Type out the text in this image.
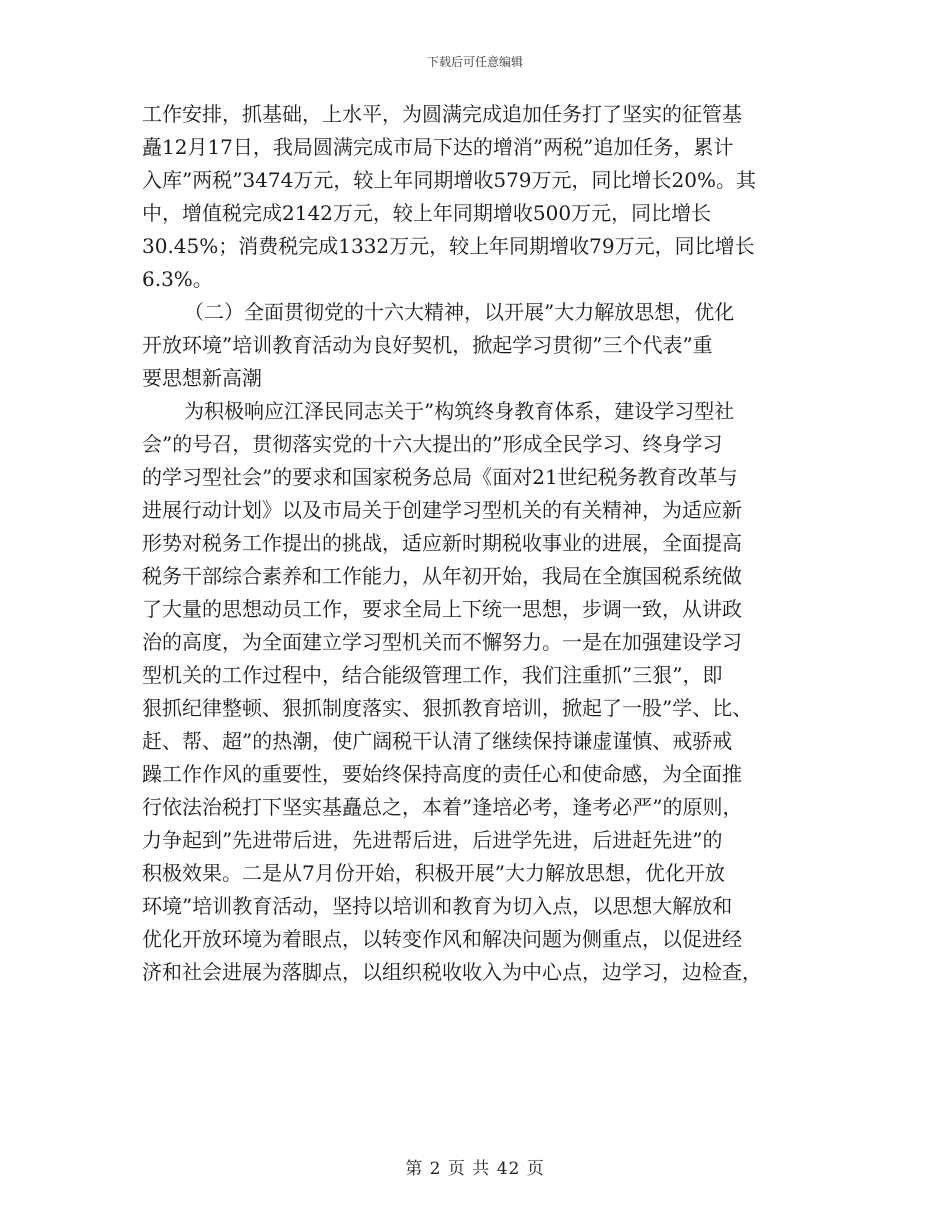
下载后可任意编辑
工作安排，抓基础，上水平，为圆满完成追加任务打了坚实的征管基
矗12月17日，我局圆满完成市局下达的增消”两税”追加任务，累计
入库”两税”3474万元，较上年同期增收579万元，同比增长20%。其
中，增值税完成2142万元，较上年同期增收500万元，同比增长
30.45%；消费税完成1332万元，较上年同期增收79万元，同比增长
6.3%。
（二）全面贯彻党的十六大精神，以开展”大力解放思想，优化
开放环境”培训教育活动为良好契机，掀起学习贯彻”三个代表”重
要思想新高潮
为积极响应江泽民同志关于”构筑终身教育体系，建设学习型社
会”的号召，贯彻落实党的十六大提出的”形成全民学习、终身学习
的学习型社会”的要求和国家税务总局《面对21世纪税务教育改革与
进展行动计划》以及市局关于创建学习型机关的有关精神，为适应新
形势对税务工作提出的挑战，适应新时期税收事业的进展，全面提高
税务干部综合素养和工作能力，从年初开始，我局在全旗国税系统做
了大量的思想动员工作，要求全局上下统一思想，步调一致，从讲政
治的高度，为全面建立学习型机关而不懈努力。一是在加强建设学习
型机关的工作过程中，结合能级管理工作，我们注重抓”三狠”，即
狠抓纪律整顿、狠抓制度落实、狠抓教育培训，掀起了一股”学、比、
赶、帮、超”的热潮，使广阔税干认清了继续保持谦虚谨慎、戒骄戒
躁工作作风的重要性，要始终保持高度的责任心和使命感，为全面推
行依法治税打下坚实基矗总之，本着”逢培必考，逢考必严”的原则，
力争起到”先进带后进，先进帮后进，后进学先进，后进赶先进”的
积极效果。二是从7月份开始，积极开展”大力解放思想，优化开放
环境”培训教育活动，坚持以培训和教育为切入点，以思想大解放和
优化开放环境为着眼点，以转变作风和解决问题为侧重点，以促进经
济和社会进展为落脚点，以组织税收收入为中心点，边学习，边检查，
第 2 页 共 42 页
